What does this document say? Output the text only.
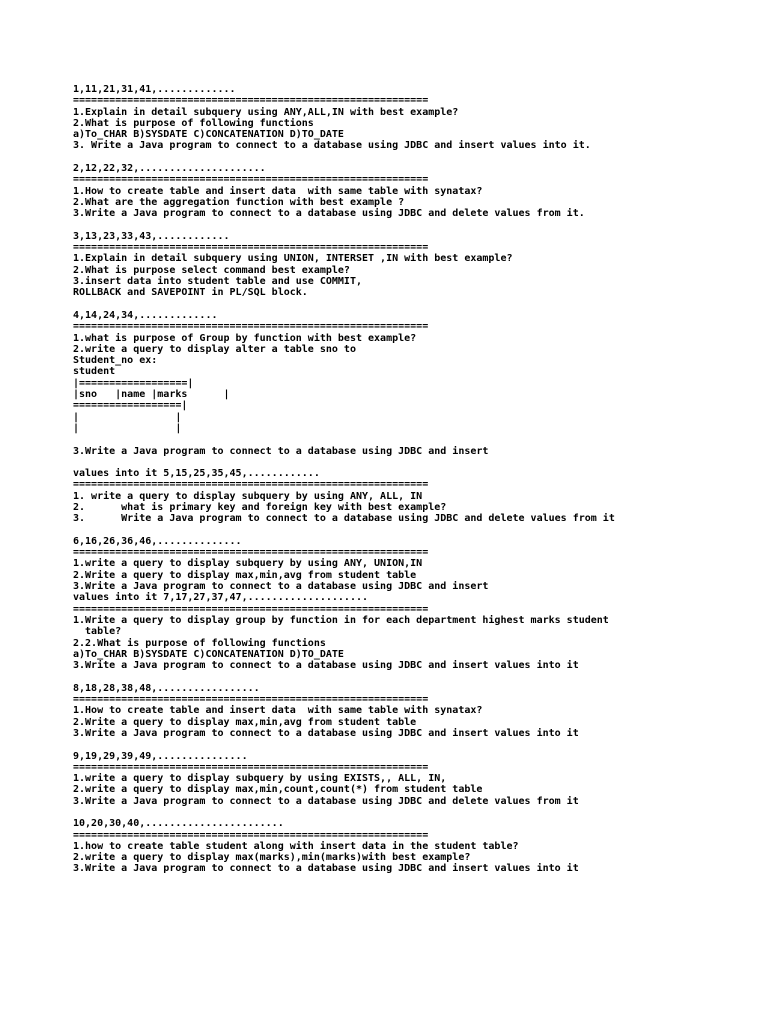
1,11,21,31,41,.............
===========================================================
1.Explain in detail subquery using ANY,ALL,IN with best example?
2.What is purpose of following functions
a)To_CHAR B)SYSDATE C)CONCATENATION D)TO_DATE
3. Write a Java program to connect to a database using JDBC and insert values into it.
2,12,22,32,.....................
===========================================================
1.How to create table and insert data  with same table with synatax?
2.What are the aggregation function with best example ?
3.Write a Java program to connect to a database using JDBC and delete values from it.
3,13,23,33,43,............
===========================================================
1.Explain in detail subquery using UNION, INTERSET ,IN with best example?
2.What is purpose select command best example?
3.insert data into student table and use COMMIT,
ROLLBACK and SAVEPOINT in PL/SQL block.
4,14,24,34,.............
===========================================================
1.what is purpose of Group by function with best example?
2.write a query to display alter a table sno to
Student_no ex:
student
|==================|
|sno   |name |marks      |
==================|
|                |
|                |
3.Write a Java program to connect to a database using JDBC and insert
values into it 5,15,25,35,45,............
===========================================================
1. write a query to display subquery by using ANY, ALL, IN
2.      what is primary key and foreign key with best example?
3.      Write a Java program to connect to a database using JDBC and delete values from it
6,16,26,36,46,..............
===========================================================
1.write a query to display subquery by using ANY, UNION,IN
2.Write a query to display max,min,avg from student table
3.Write a Java program to connect to a database using JDBC and insert
values into it 7,17,27,37,47,....................
===========================================================
1.Write a query to display group by function in for each department highest marks student
table?
2.2.What is purpose of following functions
a)To_CHAR B)SYSDATE C)CONCATENATION D)TO_DATE
3.Write a Java program to connect to a database using JDBC and insert values into it
8,18,28,38,48,.................
===========================================================
1.How to create table and insert data  with same table with synatax?
2.Write a query to display max,min,avg from student table
3.Write a Java program to connect to a database using JDBC and insert values into it
9,19,29,39,49,...............
===========================================================
1.write a query to display subquery by using EXISTS,, ALL, IN,
2.write a query to display max,min,count,count(*) from student table
3.Write a Java program to connect to a database using JDBC and delete values from it
10,20,30,40,.......................
===========================================================
1.how to create table student along with insert data in the student table?
2.write a query to display max(marks),min(marks)with best example?
3.Write a Java program to connect to a database using JDBC and insert values into it
